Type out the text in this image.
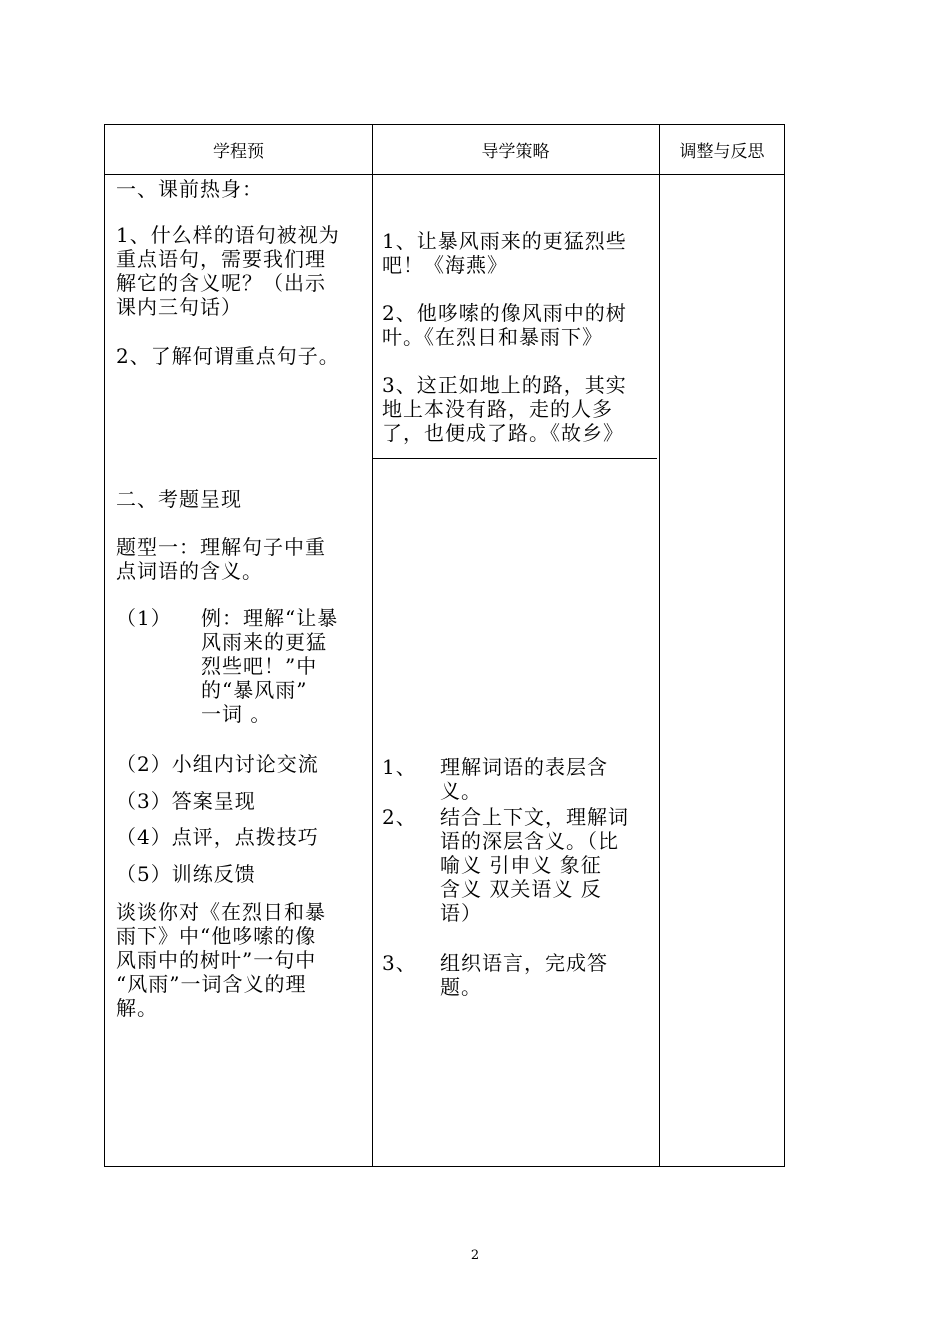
学程预	导学策略	调整与反思
一、课前热身：
1、什么样的语句被视为
重点语句，需要我们理
解它的含义呢？（出示
课内三句话）
2、了解何谓重点句子。
二、考题呈现
题型一：理解句子中重
点词语的含义。
（1） 例：理解“让暴
风雨来的更猛
烈些吧！”中
的“暴风雨”
一词 。
（2）小组内讨论交流
（3）答案呈现
（4）点评，点拨技巧
（5）训练反馈
谈谈你对《在烈日和暴
雨下》中“他哆嗦的像
风雨中的树叶”一句中
“风雨”一词含义的理
解。
1、让暴风雨来的更猛烈些
吧！《海燕》
2、他哆嗦的像风雨中的树
叶。《在烈日和暴雨下》
3、这正如地上的路，其实
地上本没有路，走的人多
了，也便成了路。《故乡》
1、 理解词语的表层含
义。
2、 结合上下文，理解词
语的深层含义。（比
喻义 引申义 象征
含义 双关语义 反
语）
3、 组织语言，完成答
题。
2
